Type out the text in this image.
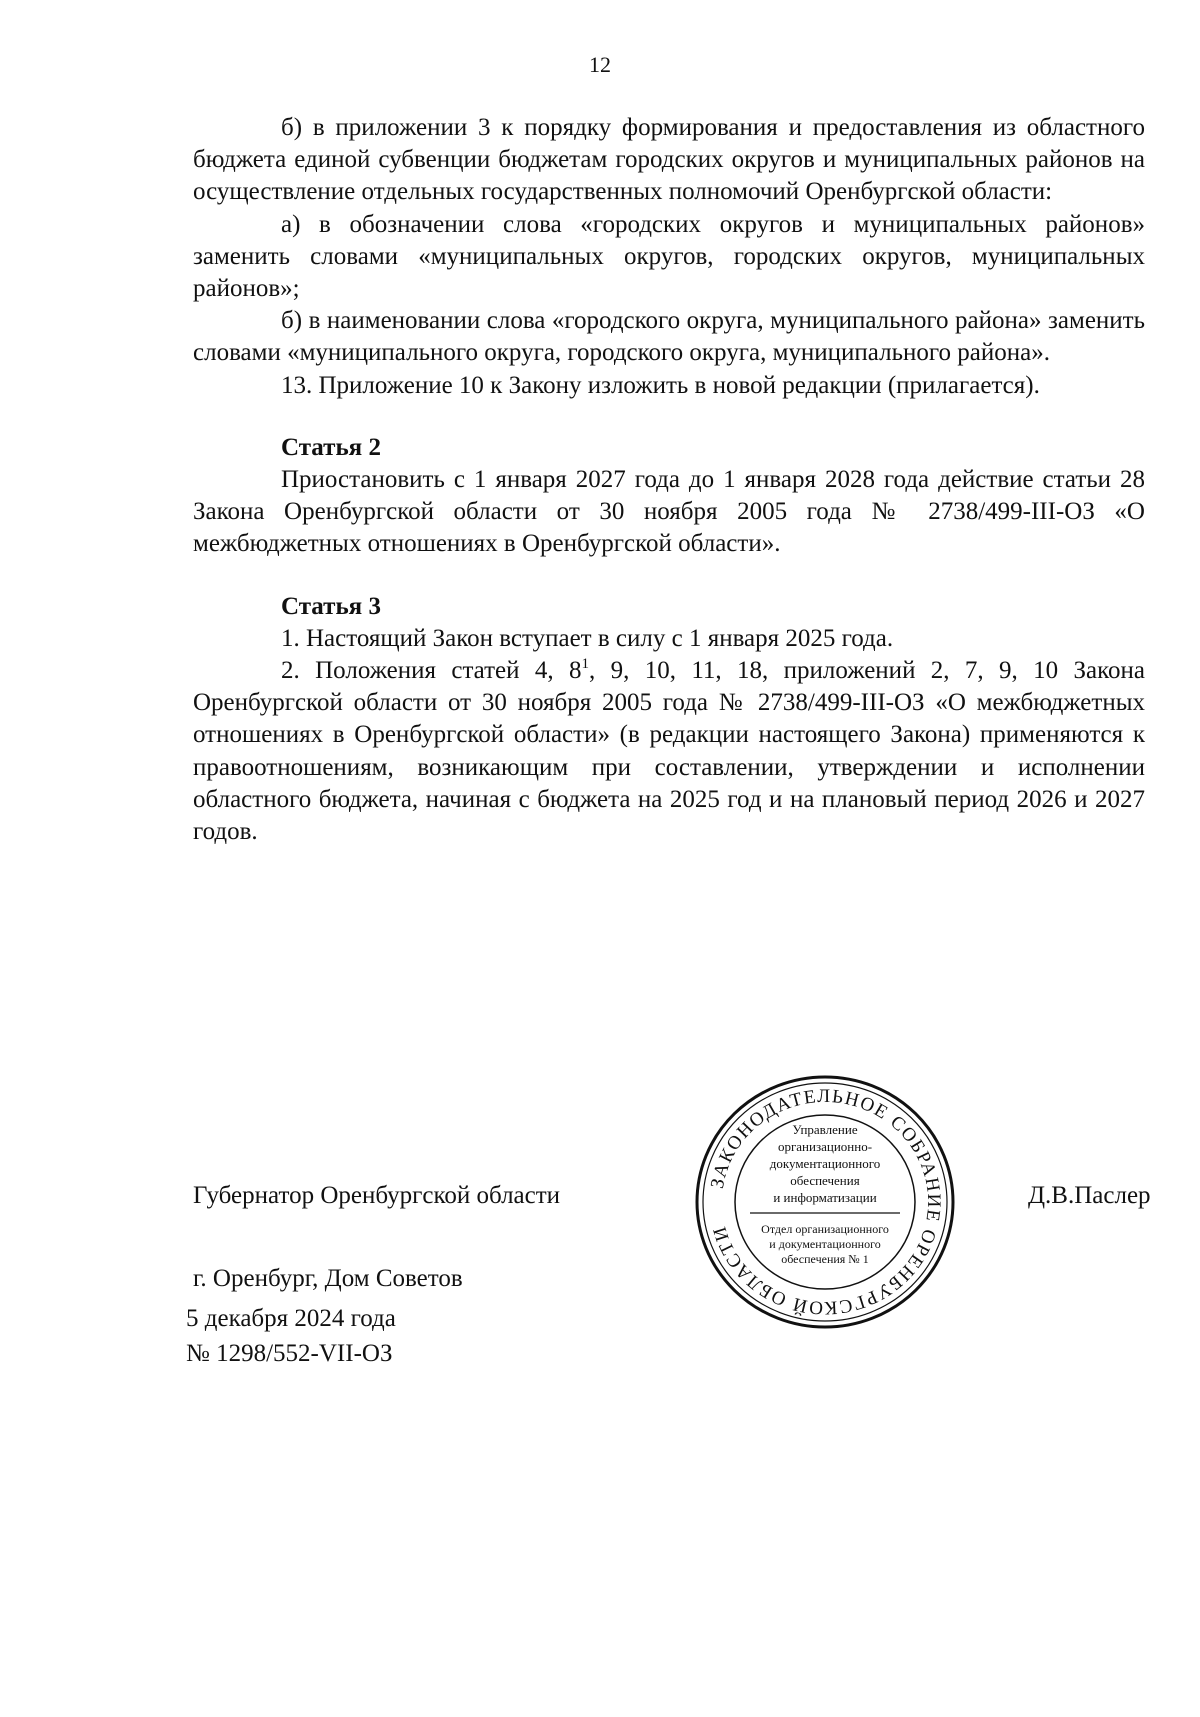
12

б) в приложении 3 к порядку формирования и предоставления из областного бюджета единой субвенции бюджетам городских округов и муниципальных районов на осуществление отдельных государственных полномочий Оренбургской области:

а) в обозначении слова «городских округов и муниципальных районов» заменить словами «муниципальных округов, городских округов, муниципальных районов»;

б) в наименовании слова «городского округа, муниципального района» заменить словами «муниципального округа, городского округа, муниципального района».

13. Приложение 10 к Закону изложить в новой редакции (прилагается).

Статья 2

Приостановить с 1 января 2027 года до 1 января 2028 года действие статьи 28 Закона Оренбургской области от 30 ноября 2005 года № 2738/499-III-ОЗ «О межбюджетных отношениях в Оренбургской области».

Статья 3

1. Настоящий Закон вступает в силу с 1 января 2025 года.

2. Положения статей 4, $8^1$, 9, 10, 11, 18, приложений 2, 7, 9, 10 Закона Оренбургской области от 30 ноября 2005 года № 2738/499-III-ОЗ «О межбюджетных отношениях в Оренбургской области» (в редакции настоящего Закона) применяются к правоотношениям, возникающим при составлении, утверждении и исполнении областного бюджета, начиная с бюджета на 2025 год и на плановый период 2026 и 2027 годов.

Губернатор Оренбургской области	Д.В.Паслер
г. Оренбург, Дом Советов
5 декабря 2024 года
№ 1298/552-VII-ОЗ
ЗАКОНОДАТЕЛЬНОЕ СОБРАНИЕ ОРЕНБУРГСКОЙ ОБЛАСТИ
Управление
организационно-
документационного
обеспечения
и информатизации
Отдел организационного
и документационного
обеспечения № 1
